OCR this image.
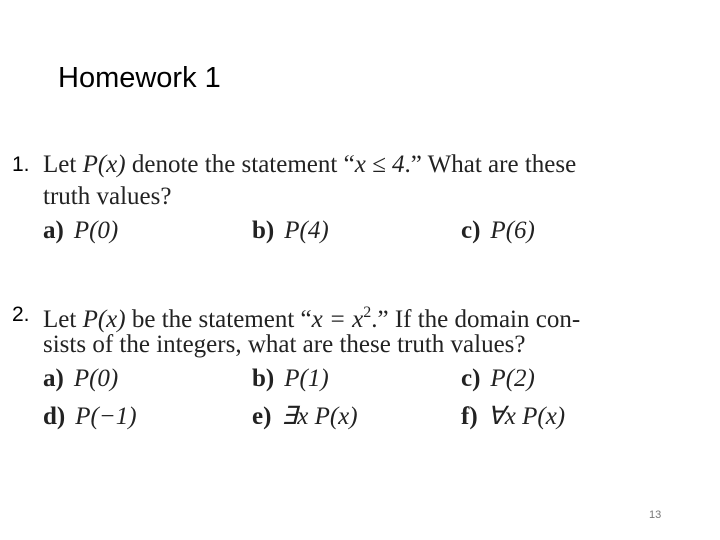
Homework 1
1. Let P(x) denote the statement “x ≤ 4.” What are these
truth values?
a) P(0)	b) P(4)	c) P(6)
2. Let P(x) be the statement “$x = x^2$.” If the domain con-
sists of the integers, what are these truth values?
a) P(0)	b) P(1)	c) P(2)
d) P(−1)	e) ∃x P(x)	f) ∀x P(x)
13
